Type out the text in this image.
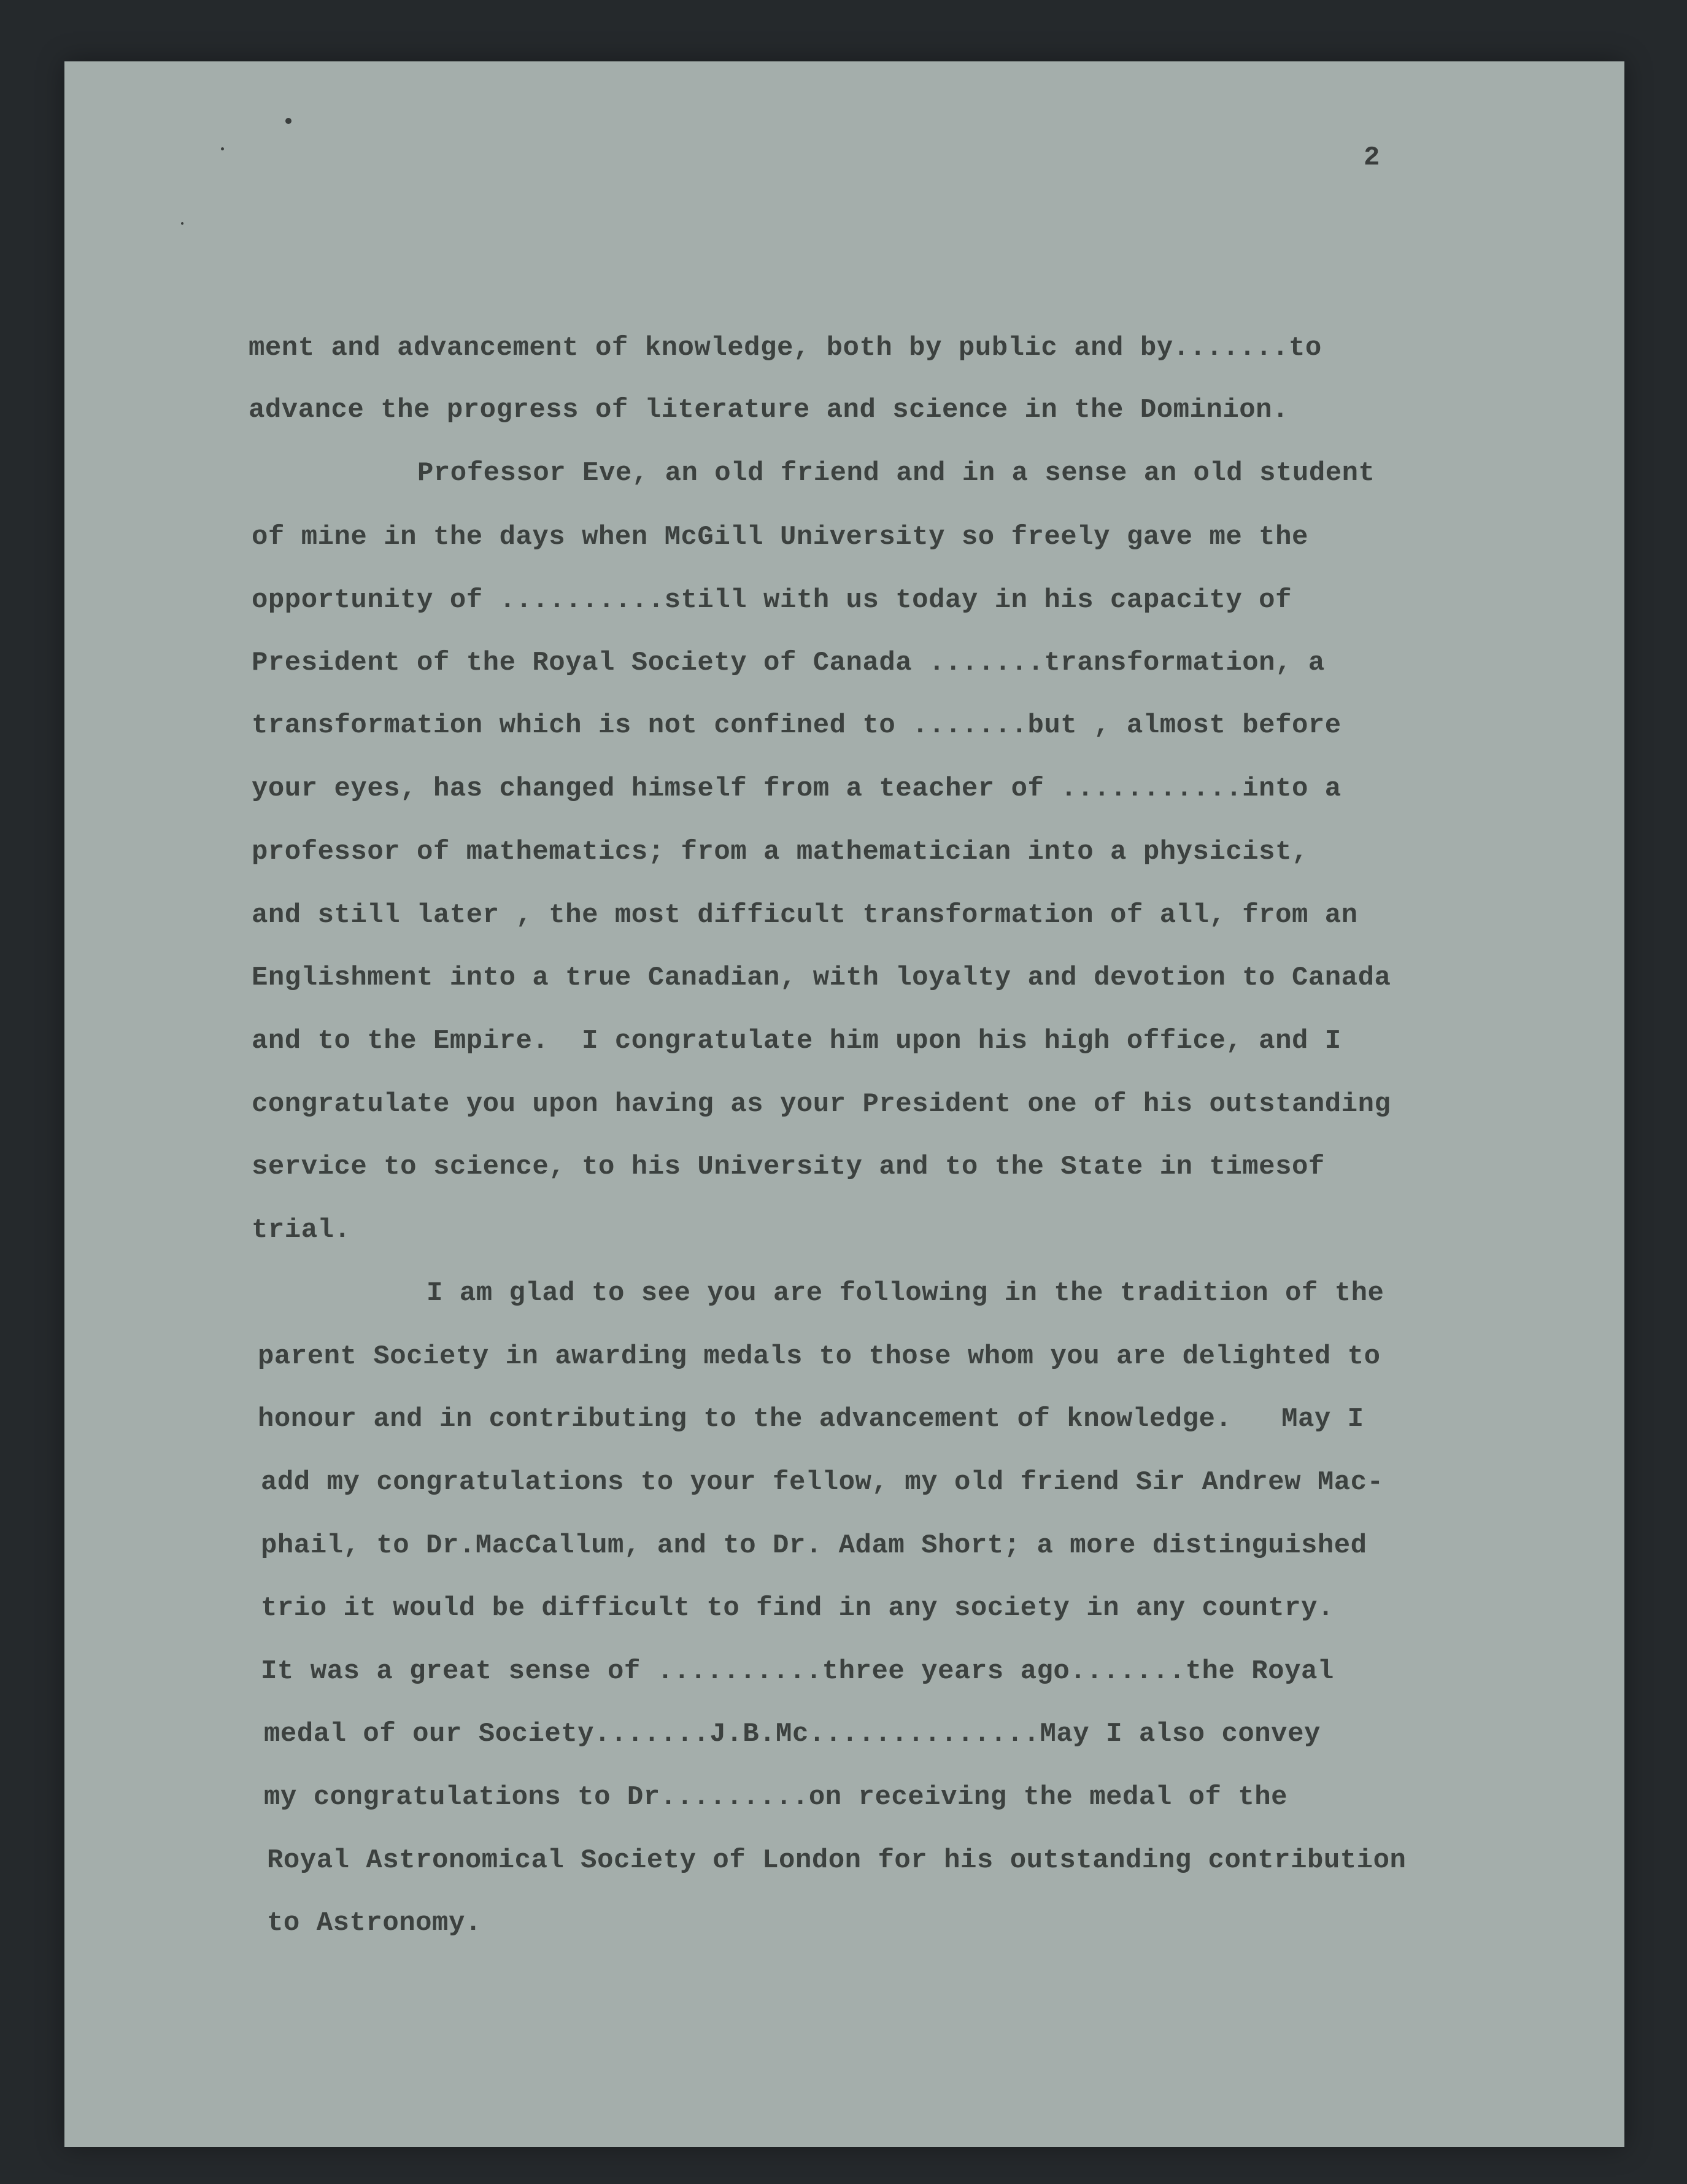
2
ment and advancement of knowledge, both by public and by.......to
advance the progress of literature and science in the Dominion.
Professor Eve, an old friend and in a sense an old student
of mine in the days when McGill University so freely gave me the
opportunity of ..........still with us today in his capacity of
President of the Royal Society of Canada .......transformation, a
transformation which is not confined to .......but , almost before
your eyes, has changed himself from a teacher of ...........into a
professor of mathematics; from a mathematician into a physicist,
and still later , the most difficult transformation of all, from an
Englishment into a true Canadian, with loyalty and devotion to Canada
and to the Empire.  I congratulate him upon his high office, and I
congratulate you upon having as your President one of his outstanding
service to science, to his University and to the State in timesof
trial.
I am glad to see you are following in the tradition of the
parent Society in awarding medals to those whom you are delighted to
honour and in contributing to the advancement of knowledge.   May I
add my congratulations to your fellow, my old friend Sir Andrew Mac-
phail, to Dr.MacCallum, and to Dr. Adam Short; a more distinguished
trio it would be difficult to find in any society in any country.
It was a great sense of ..........three years ago.......the Royal
medal of our Society.......J.B.Mc..............May I also convey
my congratulations to Dr.........on receiving the medal of the
Royal Astronomical Society of London for his outstanding contribution
to Astronomy.
